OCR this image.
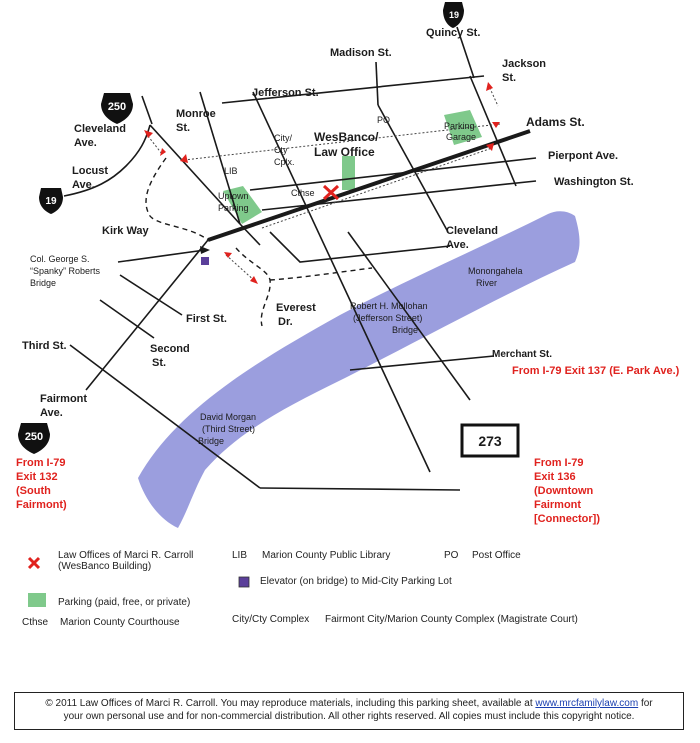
19
250
19
250	273
Quincy St.
Madison St.
Jackson
St.
Jefferson St.
Monroe
St.
Cleveland
Ave.
Adams St.
Pierpont Ave.
Washington St.
Locust
Ave.
Kirk Way	Cleveland
Ave.
Everest
Dr.
First St.
Second
St.
Third St.
Fairmont
Ave.
Merchant St.
PO
Parking
Garage
City/
Cty
Cplx.
WesBanco/
Law Office
LIB
Uptown
Parking
Cthse
Monongahela
River
Robert H. Mollohan
(Jefferson Street)
Bridge
David Morgan
(Third Street)
Bridge
Col. George S.
“Spanky” Roberts
Bridge
From I-79 Exit 137 (E. Park Ave.)
From I-79
Exit 132
(South
Fairmont)
From I-79
Exit 136
(Downtown
Fairmont
[Connector])
Law Offices of Marci R. Carroll
(WesBanco Building)
LIB Marion County Public Library	PO Post Office
Elevator (on bridge) to Mid-City Parking Lot
Parking (paid, free, or private)
Cthse Marion County Courthouse	City/Cty Complex Fairmont City/Marion County Complex (Magistrate Court)
© 2011 Law Offices of Marci R. Carroll. You may reproduce materials, including this parking sheet, available at www.mrcfamilylaw.com for
your own personal use and for non-commercial distribution. All other rights reserved. All copies must include this copyright notice.
